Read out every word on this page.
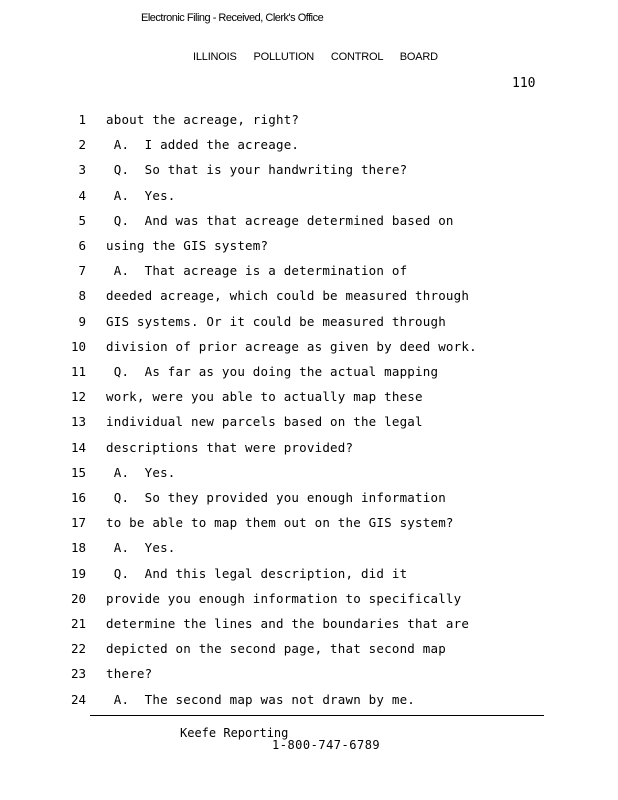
Electronic Filing - Received, Clerk's Office
ILLINOIS POLLUTION CONTROL BOARD
110
1 about the acreage, right?
2 A.  I added the acreage.
3 Q.  So that is your handwriting there?
4 A.  Yes.
5 Q.  And was that acreage determined based on
6 using the GIS system?
7 A.  That acreage is a determination of
8 deeded acreage, which could be measured through
9 GIS systems. Or it could be measured through
10 division of prior acreage as given by deed work.
11 Q.  As far as you doing the actual mapping
12 work, were you able to actually map these
13 individual new parcels based on the legal
14 descriptions that were provided?
15 A.  Yes.
16 Q.  So they provided you enough information
17 to be able to map them out on the GIS system?
18 A.  Yes.
19 Q.  And this legal description, did it
20 provide you enough information to specifically
21 determine the lines and the boundaries that are
22 depicted on the second page, that second map
23 there?
24 A.  The second map was not drawn by me.
Keefe Reporting
1-800-747-6789
